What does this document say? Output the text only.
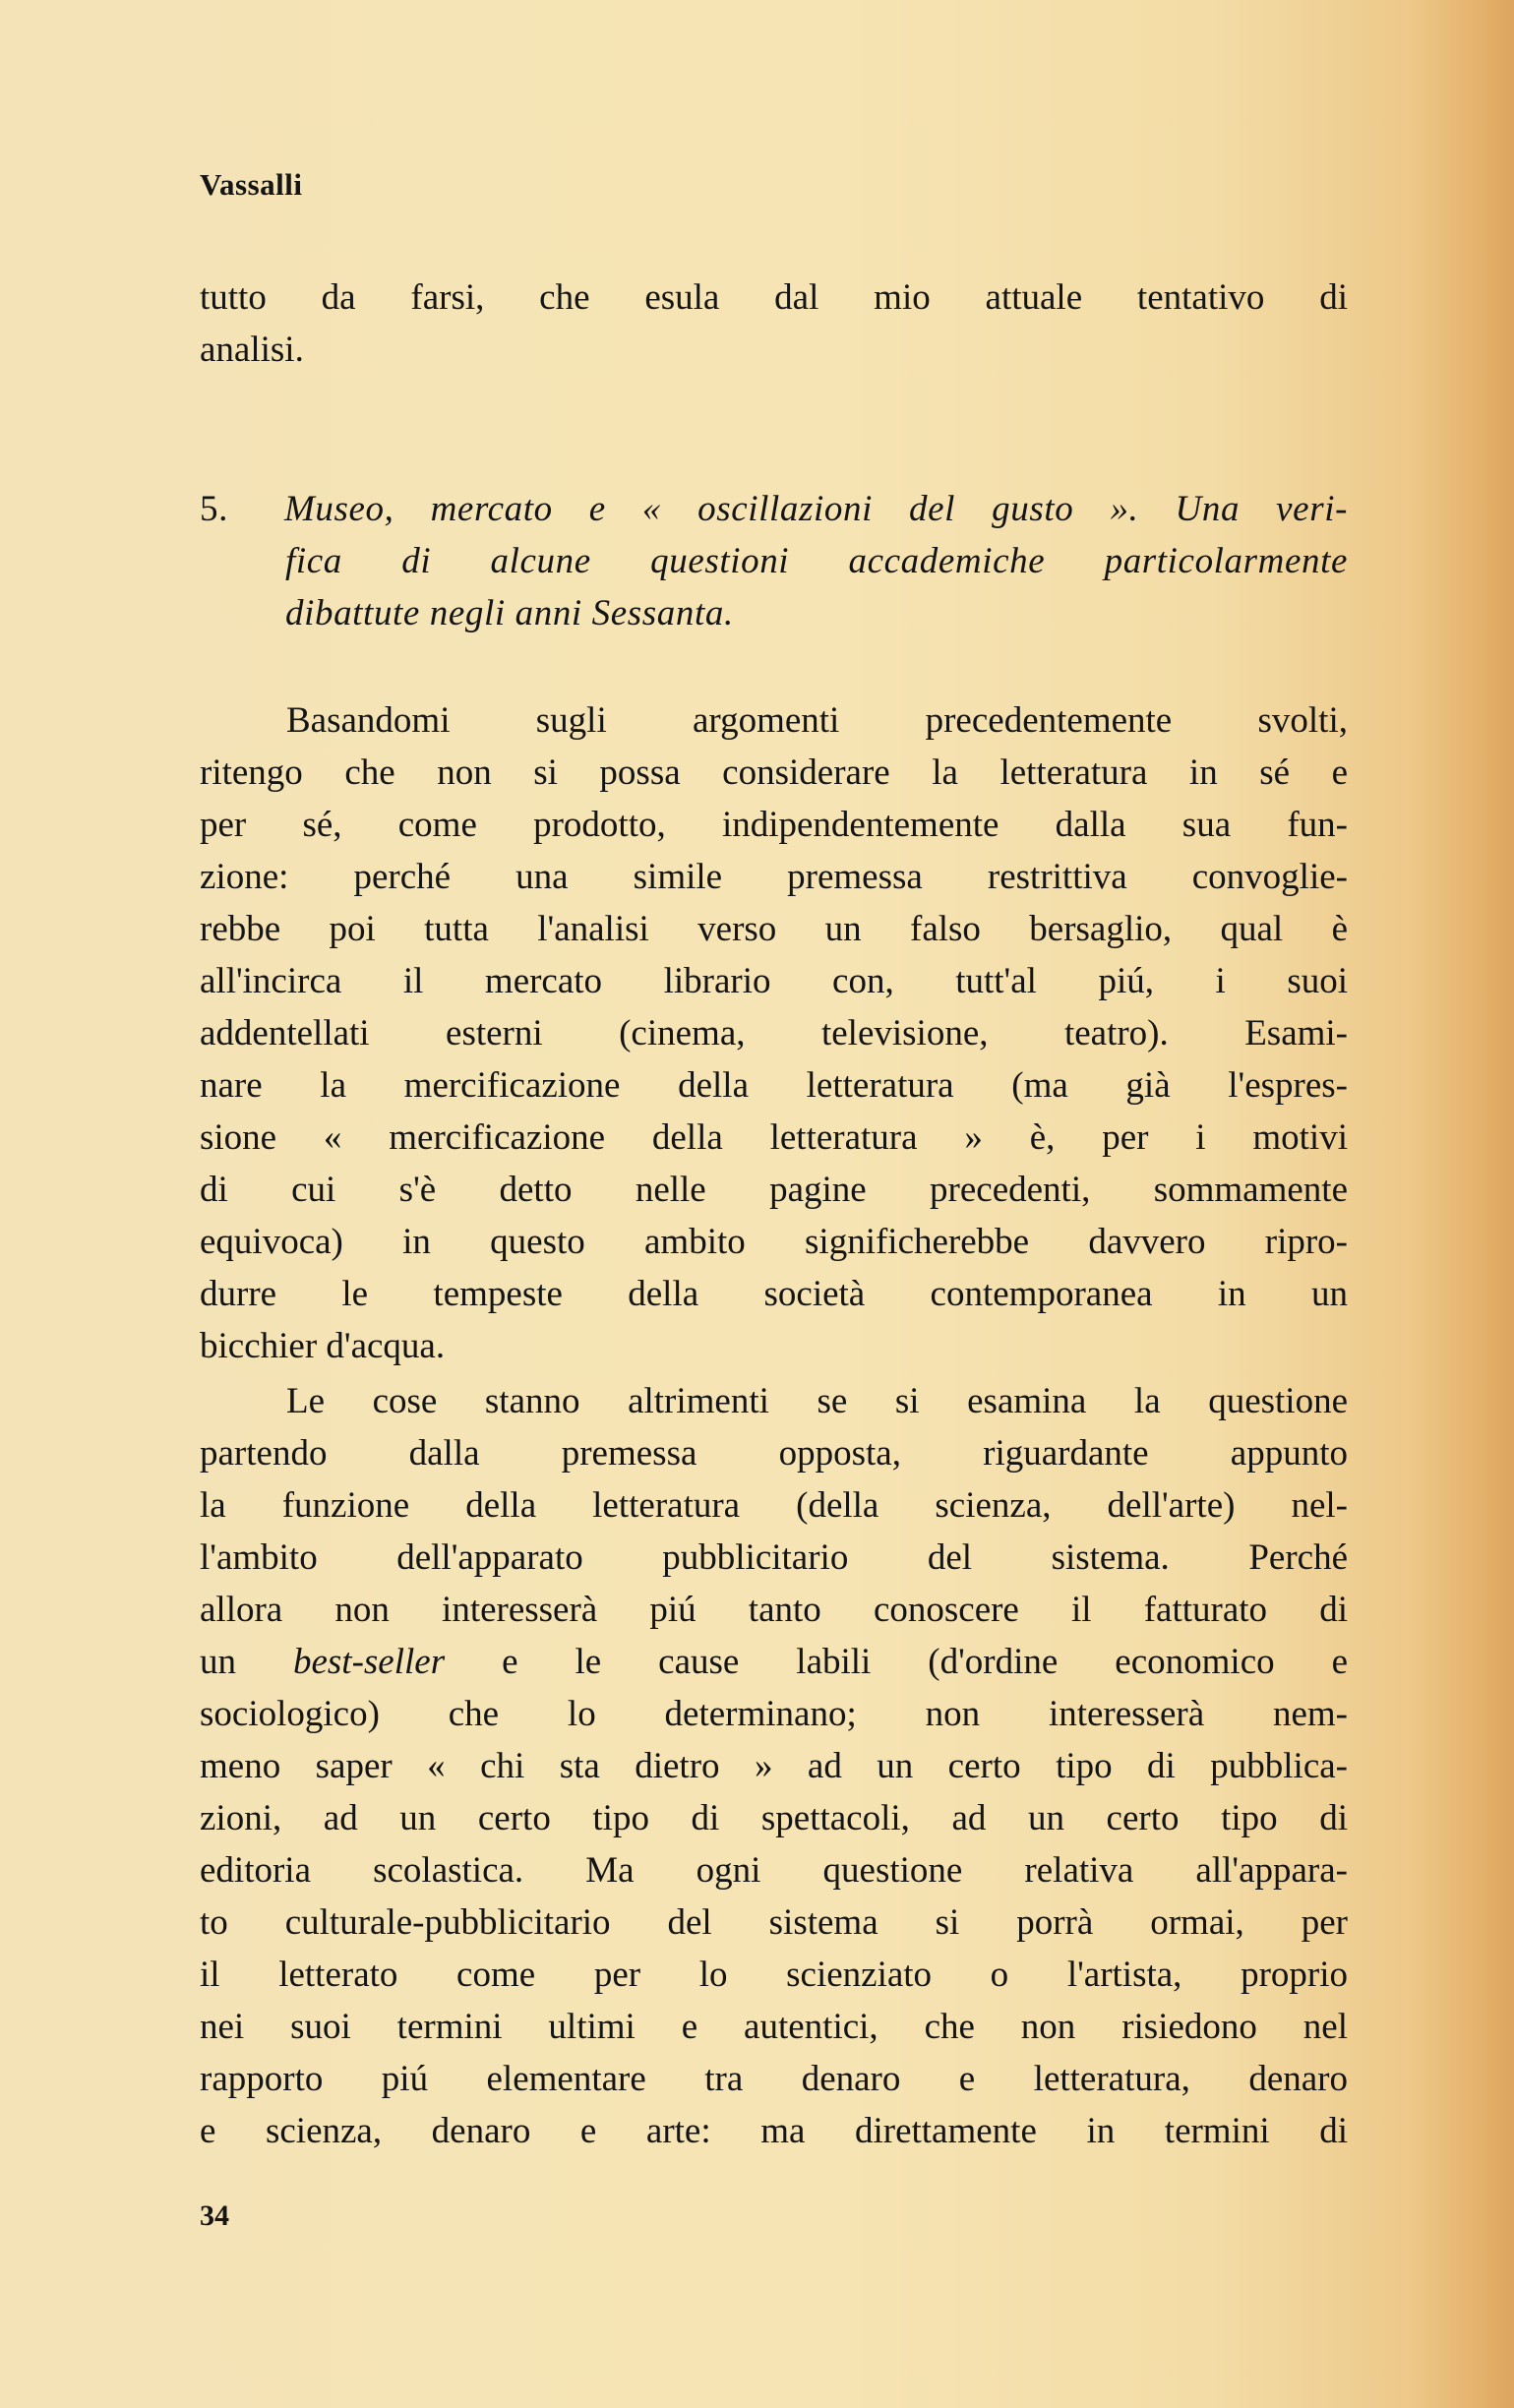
Vassalli
tutto da farsi, che esula dal mio attuale tentativo di
analisi.
5.	Museo, mercato e « oscillazioni del gusto ». Una veri-
fica di alcune questioni accademiche particolarmente
dibattute negli anni Sessanta.
Basandomi sugli argomenti precedentemente svolti,
ritengo che non si possa considerare la letteratura in sé e
per sé, come prodotto, indipendentemente dalla sua fun-
zione: perché una simile premessa restrittiva convoglie-
rebbe poi tutta l'analisi verso un falso bersaglio, qual è
all'incirca il mercato librario con, tutt'al piú, i suoi
addentellati esterni (cinema, televisione, teatro). Esami-
nare la mercificazione della letteratura (ma già l'espres-
sione « mercificazione della letteratura » è, per i motivi
di cui s'è detto nelle pagine precedenti, sommamente
equivoca) in questo ambito significherebbe davvero ripro-
durre le tempeste della società contemporanea in un
bicchier d'acqua.
Le cose stanno altrimenti se si esamina la questione
partendo dalla premessa opposta, riguardante appunto
la funzione della letteratura (della scienza, dell'arte) nel-
l'ambito dell'apparato pubblicitario del sistema. Perché
allora non interesserà piú tanto conoscere il fatturato di
un best-seller e le cause labili (d'ordine economico e
sociologico) che lo determinano; non interesserà nem-
meno saper « chi sta dietro » ad un certo tipo di pubblica-
zioni, ad un certo tipo di spettacoli, ad un certo tipo di
editoria scolastica. Ma ogni questione relativa all'appara-
to culturale-pubblicitario del sistema si porrà ormai, per
il letterato come per lo scienziato o l'artista, proprio
nei suoi termini ultimi e autentici, che non risiedono nel
rapporto piú elementare tra denaro e letteratura, denaro
e scienza, denaro e arte: ma direttamente in termini di
34
